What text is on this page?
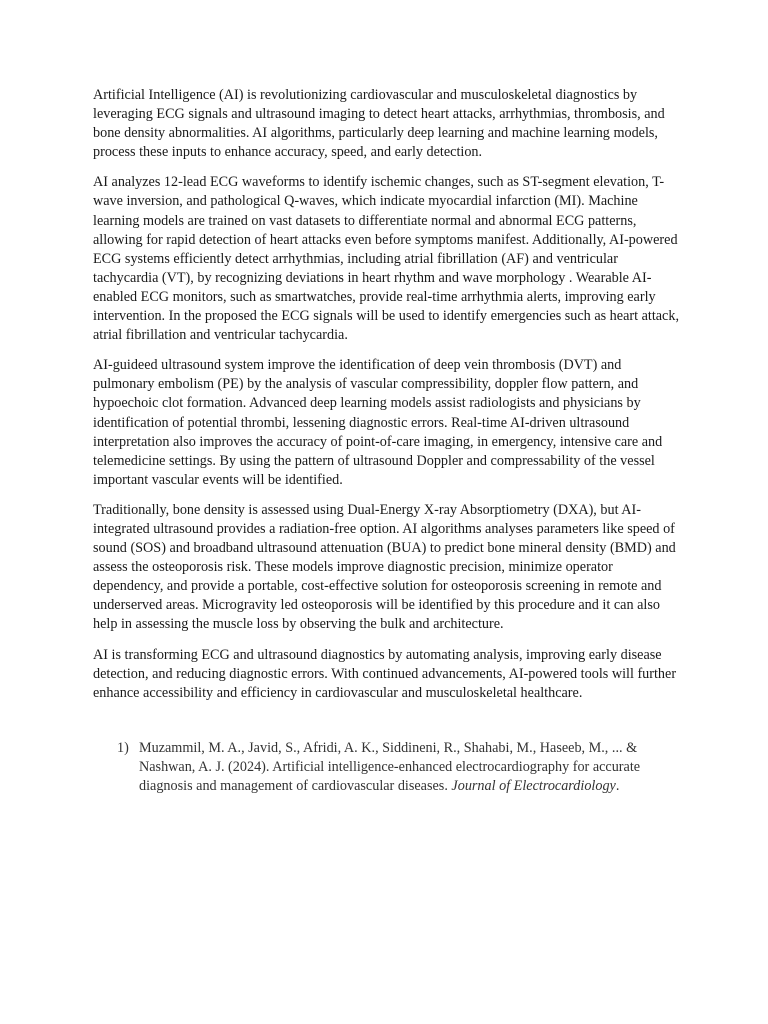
Artificial Intelligence (AI) is revolutionizing cardiovascular and musculoskeletal diagnostics by leveraging ECG signals and ultrasound imaging to detect heart attacks, arrhythmias, thrombosis, and bone density abnormalities. AI algorithms, particularly deep learning and machine learning models, process these inputs to enhance accuracy, speed, and early detection.

AI analyzes 12-lead ECG waveforms to identify ischemic changes, such as ST-segment elevation, T-wave inversion, and pathological Q-waves, which indicate myocardial infarction (MI). Machine learning models are trained on vast datasets to differentiate normal and abnormal ECG patterns, allowing for rapid detection of heart attacks even before symptoms manifest. Additionally, AI-powered ECG systems efficiently detect arrhythmias, including atrial fibrillation (AF) and ventricular tachycardia (VT), by recognizing deviations in heart rhythm and wave morphology . Wearable AI-enabled ECG monitors, such as smartwatches, provide real-time arrhythmia alerts, improving early intervention. In the proposed the ECG signals will be used to identify emergencies such as heart attack, atrial fibrillation and ventricular tachycardia.

AI-guideed ultrasound system improve the identification of deep vein thrombosis (DVT) and pulmonary embolism (PE) by the analysis of vascular compressibility, doppler flow pattern, and hypoechoic clot formation. Advanced deep learning models assist radiologists and physicians by identification of potential thrombi, lessening diagnostic errors. Real-time AI-driven ultrasound interpretation also improves the accuracy of point-of-care imaging, in emergency, intensive care and telemedicine settings. By using the pattern of ultrasound Doppler and compressability of the vessel important vascular events will be identified.

Traditionally, bone density is assessed using Dual-Energy X-ray Absorptiometry (DXA), but AI-integrated ultrasound provides a radiation-free option. AI algorithms analyses parameters like speed of sound (SOS) and broadband ultrasound attenuation (BUA) to predict bone mineral density (BMD) and assess the osteoporosis risk. These models improve diagnostic precision, minimize operator dependency, and provide a portable, cost-effective solution for osteoporosis screening in remote and underserved areas. Microgravity led osteoporosis will be identified by this procedure and it can also help in assessing the muscle loss by observing the bulk and architecture.

AI is transforming ECG and ultrasound diagnostics by automating analysis, improving early disease detection, and reducing diagnostic errors. With continued advancements, AI-powered tools will further enhance accessibility and efficiency in cardiovascular and musculoskeletal healthcare.

1) Muzammil, M. A., Javid, S., Afridi, A. K., Siddineni, R., Shahabi, M., Haseeb, M., ... & Nashwan, A. J. (2024). Artificial intelligence-enhanced electrocardiography for accurate diagnosis and management of cardiovascular diseases. Journal of Electrocardiology.
